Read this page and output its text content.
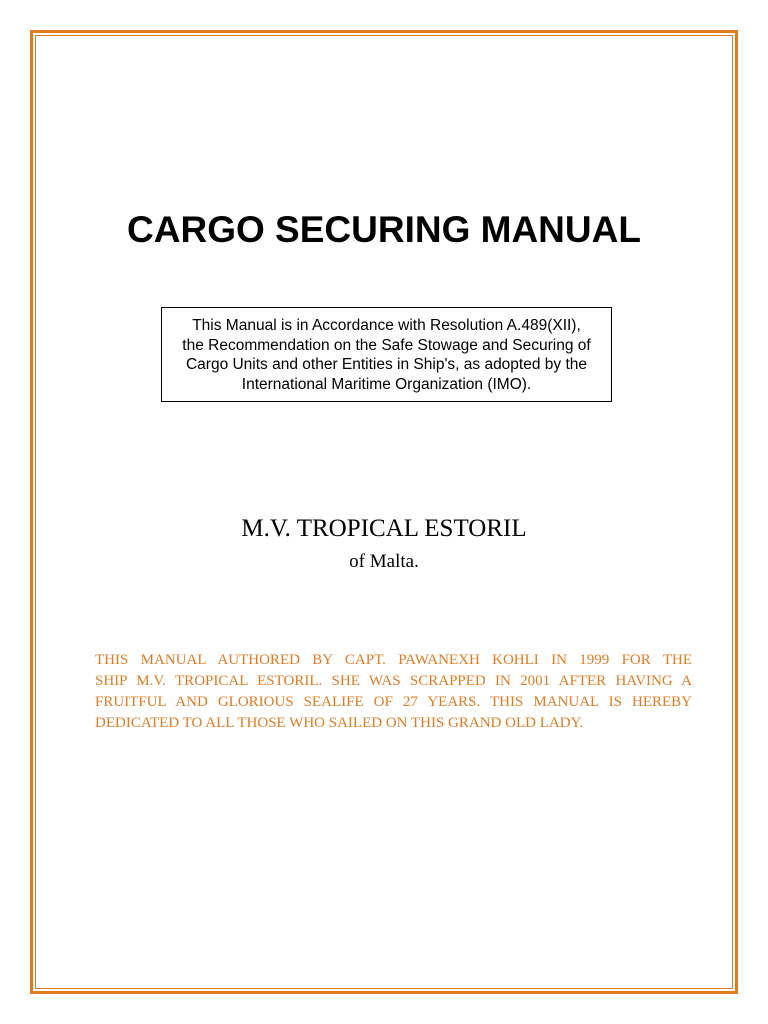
CARGO SECURING MANUAL
This Manual is in Accordance with Resolution A.489(XII),
the Recommendation on the Safe Stowage and Securing of
Cargo Units and other Entities in Ship's, as adopted by the
International Maritime Organization (IMO).
M.V. TROPICAL ESTORIL
of Malta.
THIS MANUAL AUTHORED BY CAPT. PAWANEXH KOHLI IN 1999 FOR THE
SHIP M.V. TROPICAL ESTORIL. SHE WAS SCRAPPED IN 2001 AFTER HAVING A
FRUITFUL AND GLORIOUS SEALIFE OF 27 YEARS. THIS MANUAL IS HEREBY
DEDICATED TO ALL THOSE WHO SAILED ON THIS GRAND OLD LADY.
